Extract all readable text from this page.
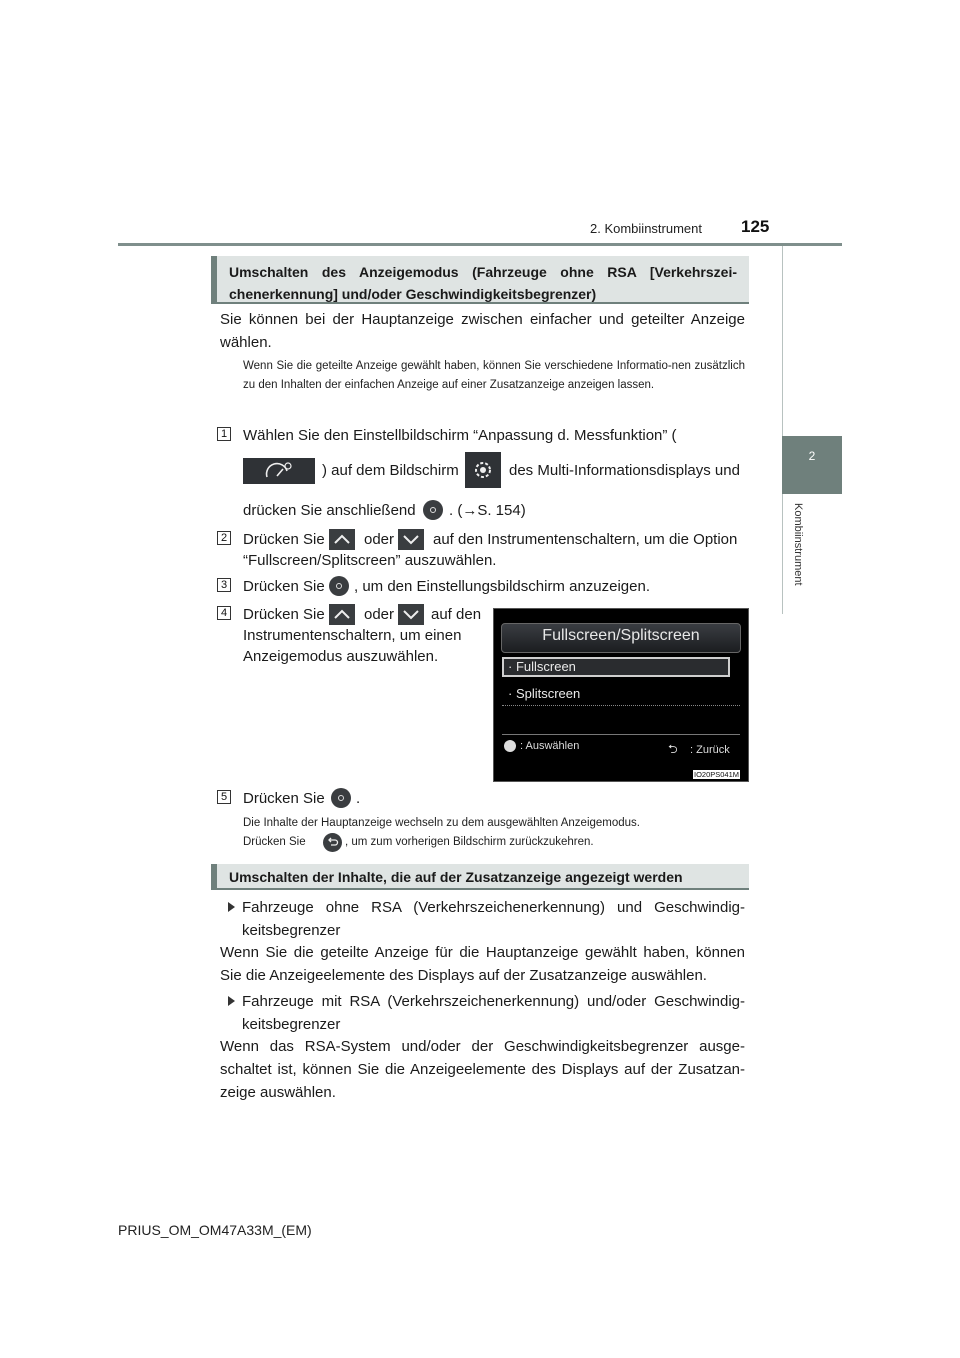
2. Kombiinstrument 125
2
Kombiinstrument
Umschalten des Anzeigemodus (Fahrzeuge ohne RSA [Verkehrszei-chenerkennung] und/oder Geschwindigkeitsbegrenzer)
Sie können bei der Hauptanzeige zwischen einfacher und geteilter Anzeige wählen.
Wenn Sie die geteilte Anzeige gewählt haben, können Sie verschiedene Informatio-nen zusätzlich zu den Inhalten der einfachen Anzeige auf einer Zusatzanzeige anzeigen lassen.
1 Wählen Sie den Einstellbildschirm “Anpassung d. Messfunktion” (
) auf dem Bildschirm	des Multi-Informationsdisplays und
drücken Sie anschließend . (→S. 154)
2 Drücken Sie	oder	auf den Instrumentenschaltern, um die Option
“Fullscreen/Splitscreen” auszuwählen.
3 Drücken Sie , um den Einstellungsbildschirm anzuzeigen.
4 Drücken Sie	oder auf den
Instrumentenschaltern, um einen
Anzeigemodus auszuwählen.
Fullscreen/Splitscreen
· Fullscreen
· Splitscreen
: Auswählen	⮌ : Zurück
IO20PS041M
5 Drücken Sie .
Die Inhalte der Hauptanzeige wechseln zu dem ausgewählten Anzeigemodus.
Drücken Sie	, um zum vorherigen Bildschirm zurückzukehren.
Umschalten der Inhalte, die auf der Zusatzanzeige angezeigt werden
Fahrzeuge ohne RSA (Verkehrszeichenerkennung) und Geschwindig-keitsbegrenzer
Wenn Sie die geteilte Anzeige für die Hauptanzeige gewählt haben, können Sie die Anzeigeelemente des Displays auf der Zusatzanzeige auswählen.
Fahrzeuge mit RSA (Verkehrszeichenerkennung) und/oder Geschwindig-keitsbegrenzer
Wenn das RSA-System und/oder der Geschwindigkeitsbegrenzer ausge-schaltet ist, können Sie die Anzeigeelemente des Displays auf der Zusatzan-zeige auswählen.
PRIUS_OM_OM47A33M_(EM)
